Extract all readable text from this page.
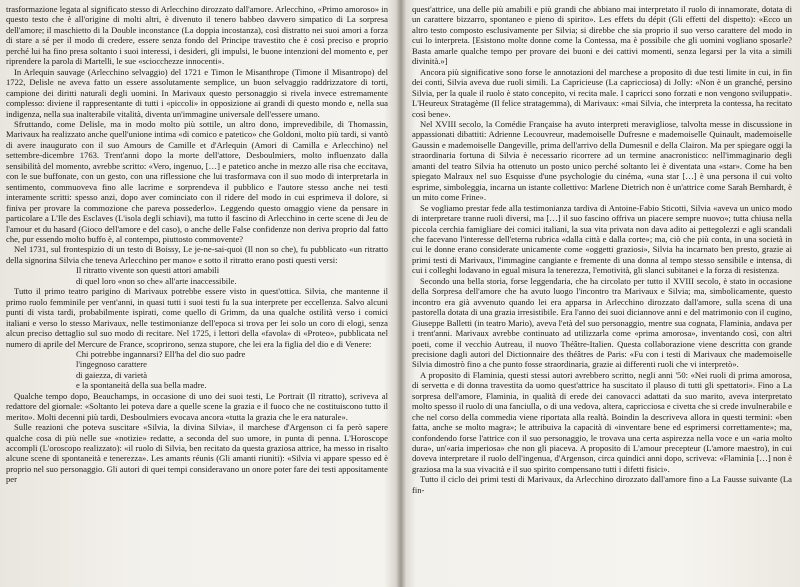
trasformazione legata al significato stesso di Arlecchino dirozzato dall'amore. Arlecchino, «Primo amoroso» in questo testo che è all'origine di molti altri, è divenuto il tenero babbeo davvero simpatico di La sorpresa dell'amore; il maschietto di la Double inconstance (La doppia incostanza), così distratto nei suoi amori a forza di stare a sé per il modo di credere, essere senza fondo del Principe travestito che è così preciso e proprio perché lui ha fino presa soltanto i suoi interessi, i desideri, gli impulsi, le buone intenzioni del momento e, per riprendere la parola di Martelli, le sue «sciocchezze innocenti».

In Arlequin sauvage (Arlecchino selvaggio) del 1721 e Timon le Misanthrope (Timone il Misantropo) del 1722, Delisle ne aveva fatto un essere assolutamente semplice, un buon selvaggio raddrizzatore di torti, campione dei diritti naturali degli uomini. In Marivaux questo personaggio si rivela invece estremamente complesso: diviene il rappresentante di tutti i «piccoli» in opposizione ai grandi di questo mondo e, nella sua indigenza, nella sua inalterabile vitalità, diventa un'immagine universale dell'essere umano.

Sfruttando, come Delisle, ma in modo molto più sottile, un altro dono, imprevedibile, di Thomassin, Marivaux ha realizzato anche quell'unione intima «di comico e patetico» che Goldoni, molto più tardi, si vantò di avere inaugurato con il suo Amours de Camille et d'Arlequin (Amori di Camilla e Arlecchino) nel settembre-dicembre 1763. Trent'anni dopo la morte dell'attore, Desboulmiers, molto influenzato dalla sensibilità del momento, avrebbe scritto: «Vero, ingenuo, […] e patetico anche in mezzo alle risa che eccitava, con le sue buffonate, con un gesto, con una riflessione che lui trasformava con il suo modo di interpretarla in sentimento, commuoveva fino alle lacrime e sorprendeva il pubblico e l'autore stesso anche nei testi interamente scritti: spesso anzi, dopo aver cominciato con il ridere del modo in cui esprimeva il dolore, si finiva per provare la commozione che pareva possederlo». Leggendo questo omaggio viene da pensare in particolare a L'Ile des Esclaves (L'isola degli schiavi), ma tutto il fascino di Arlecchino in certe scene di Jeu de l'amour et du hasard (Gioco dell'amore e del caso), o anche delle False confidenze non deriva proprio dal fatto che, pur essendo molto buffo è, al contempo, piuttosto commovente?

Nel 1731, sul frontespizio di un testo di Boissy, Le je-ne-sai-quoi (Il non so che), fu pubblicato «un ritratto della signorina Silvia che teneva Arlecchino per mano» e sotto il ritratto erano posti questi versi:

Il ritratto vivente son questi attori amabili
di quel loro «non so che» all'arte inaccessibile.

Tutto il primo teatro parigino di Marivaux potrebbe essere visto in quest'ottica. Silvia, che mantenne il primo ruolo femminile per vent'anni, in quasi tutti i suoi testi fu la sua interprete per eccellenza. Salvo alcuni punti di vista tardi, probabilmente ispirati, come quello di Grimm, da una qualche ostilità verso i comici italiani e verso lo stesso Marivaux, nelle testimonianze dell'epoca si trova per lei solo un coro di elogi, senza alcun preciso dettaglio sul suo modo di recitare. Nel 1725, i lettori della «favola» di «Proteo», pubblicata nel numero di aprile del Mercure de France, scoprirono, senza stupore, che lei era la figlia del dio e di Venere:

Chi potrebbe ingannarsi? Ell'ha del dio suo padre
l'ingegnoso carattere
di gaiezza, di varietà
e la spontaneità della sua bella madre.

Qualche tempo dopo, Beauchamps, in occasione di uno dei suoi testi, Le Portrait (Il ritratto), scriveva al redattore del giornale: «Soltanto lei poteva dare a quelle scene la grazia e il fuoco che ne costituiscono tutto il merito». Molti decenni più tardi, Desboulmiers evocava ancora «tutta la grazia che le era naturale».

Sulle reazioni che poteva suscitare «Silvia, la divina Silvia», il marchese d'Argenson ci fa però sapere qualche cosa di più nelle sue «notizie» redatte, a seconda del suo umore, in punta di penna. L'Horoscope accompli (L'oroscopo realizzato): «il ruolo di Silvia, ben recitato da questa graziosa attrice, ha messo in risalto alcune scene di spontaneità e tenerezza». Les amants réunis (Gli amanti riuniti): «Silvia vi appare spesso ed è proprio nel suo personaggio. Gli autori di quei tempi consideravano un onore poter fare dei testi appositamente per

quest'attrice, una delle più amabili e più grandi che abbiano mai interpretato il ruolo di innamorate, dotata di un carattere bizzarro, spontaneo e pieno di spirito». Les effets du dépit (Gli effetti del dispetto): «Ecco un altro testo composto esclusivamente per Silvia; si direbbe che sia proprio il suo verso carattere del modo in cui lo interpreta. [Esistono molte donne come la Contessa, ma è possibile che gli uomini vogliano sposarle? Basta amarle qualche tempo per provare dei buoni e dei cattivi momenti, senza legarsi per la vita a simili divinità.»]

Ancora più significative sono forse le annotazioni del marchese a proposito di due testi limite in cui, in fin dei conti, Silvia aveva due ruoli simili. La Capricieuse (La capricciosa) di Jolly: «Non è un granché, persino Silvia, per la quale il ruolo è stato concepito, vi recita male. I capricci sono forzati e non vengono sviluppati». L'Heureux Stratagème (Il felice stratagemma), di Marivaux: «mai Silvia, che interpreta la contessa, ha recitato così bene».

Nel XVIII secolo, la Comédie Française ha avuto interpreti meravigliose, talvolta messe in discussione in appassionati dibattiti: Adrienne Lecouvreur, mademoiselle Dufresne e mademoiselle Quinault, mademoiselle Gaussin e mademoiselle Dangeville, prima dell'arrivo della Dumesnil e della Clairon. Ma per spiegare oggi la straordinaria fortuna di Silvia è necessario ricorrere ad un termine anacronistico: nell'immaginario degli amanti del teatro Silvia ha ottenuto un posto unico perché soltanto lei è diventata una «star». Come ha ben spiegato Malraux nel suo Esquisse d'une psychologie du cinéma, «una star […] è una persona il cui volto esprime, simboleggia, incarna un istante collettivo: Marlene Dietrich non è un'attrice come Sarah Bernhardt, è un mito come Frine».

Se vogliamo prestar fede alla testimonianza tardiva di Antoine-Fabio Sticotti, Silvia «aveva un unico modo di interpretare tranne ruoli diversi, ma […] il suo fascino offriva un piacere sempre nuovo»; tutta chiusa nella piccola cerchia famigliare dei comici italiani, la sua vita privata non dava adito ai pettegolezzi e agli scandali che facevano l'interesse dell'eterna rubrica «dalla città e dalla corte»; ma, ciò che più conta, in una società in cui le donne erano considerate unicamente come «oggetti graziosi», Silvia ha incarnato ben presto, grazie ai primi testi di Marivaux, l'immagine cangiante e fremente di una donna al tempo stesso sensibile e intensa, di cui i colleghi lodavano in egual misura la tenerezza, l'emotività, gli slanci subitanei e la forza di resistenza.

Secondo una bella storia, forse leggendaria, che ha circolato per tutto il XVIII secolo, è stato in occasione della Sorpresa dell'amore che ha avuto luogo l'incontro tra Marivaux e Silvia; ma, simbolicamente, questo incontro era già avvenuto quando lei era apparsa in Arlecchino dirozzato dall'amore, sulla scena di una pastorella dotata di una grazia irresistibile. Era l'anno dei suoi diciannove anni e del matrimonio con il cugino, Giuseppe Balletti (in teatro Mario), aveva l'età del suo personaggio, mentre sua cognata, Flaminia, andava per i trent'anni. Marivaux avrebbe continuato ad utilizzarla come «prima amorosa», inventando così, con altri poeti, come il vecchio Autreau, il nuovo Théâtre-Italien. Questa collaborazione viene descritta con grande precisione dagli autori del Dictionnaire des théâtres de Paris: «Fu con i testi di Marivaux che mademoiselle Silvia dimostrò fino a che punto fosse straordinaria, grazie ai differenti ruoli che vi interpretò».

A proposito di Flaminia, questi stessi autori avrebbero scritto, negli anni '50: «Nei ruoli di prima amorosa, di servetta e di donna travestita da uomo quest'attrice ha suscitato il plauso di tutti gli spettatori». Fino a La sorpresa dell'amore, Flaminia, in qualità di erede dei canovacci adattati da suo marito, aveva interpretato molto spesso il ruolo di una fanciulla, o di una vedova, altera, capricciosa e civetta che si crede invulnerabile e che nel corso della commedia viene riportata alla realtà. Boindin la descriveva allora in questi termini: «ben fatta, anche se molto magra»; le attribuiva la capacità di «inventare bene ed esprimersi correttamente»; ma, confondendo forse l'attrice con il suo personaggio, le trovava una certa aspirezza nella voce e un «aria molto dura», un'«aria imperiosa» che non gli piaceva. A proposito di L'amour precepteur (L'amore maestro), in cui doveva interpretare il ruolo dell'ingenua, d'Argenson, circa quindici anni dopo, scriveva: «Flaminia […] non è graziosa ma la sua vivacità e il suo spirito compensano tutti i difetti fisici».

Tutto il ciclo dei primi testi di Marivaux, da Arlecchino dirozzato dall'amore fino a La Fausse suivante (La fin-
